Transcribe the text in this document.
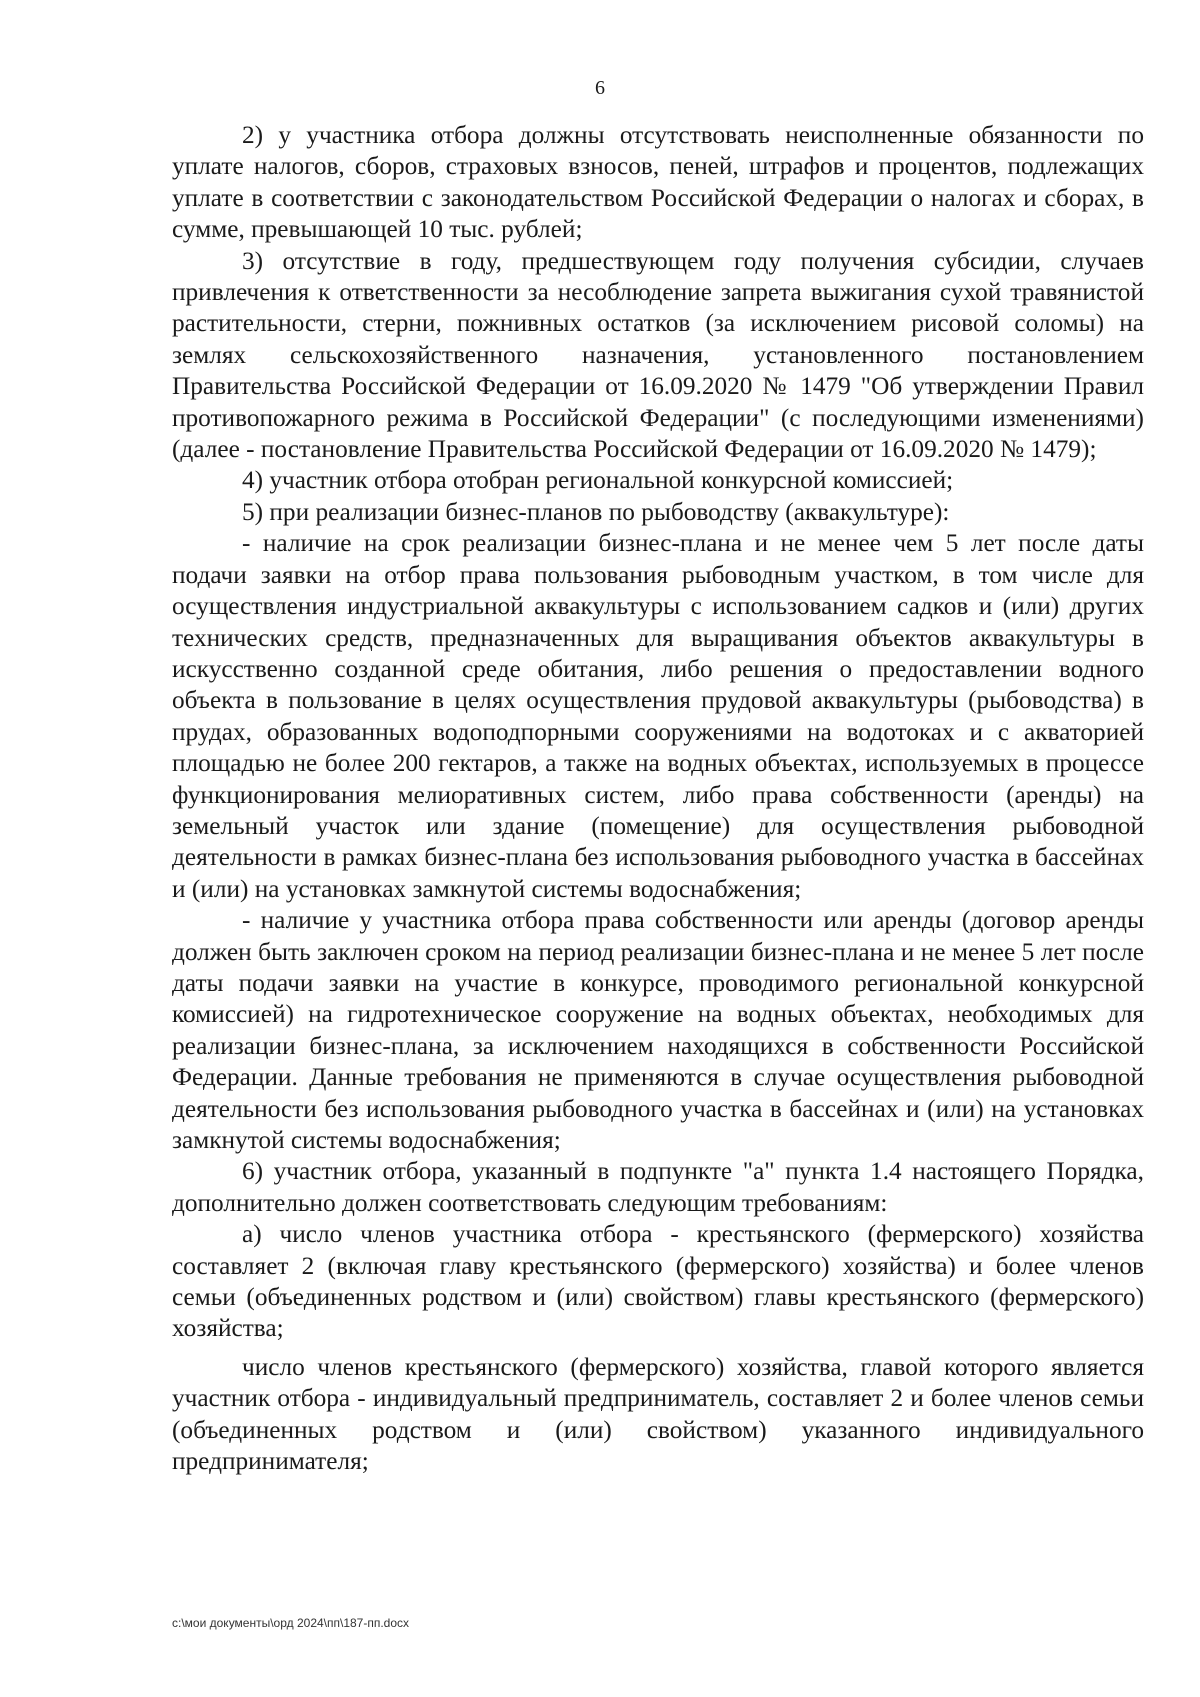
6

2) у участника отбора должны отсутствовать неисполненные обязанности по уплате налогов, сборов, страховых взносов, пеней, штрафов и процентов, подлежащих уплате в соответствии с законодательством Российской Федерации о налогах и сборах, в сумме, превышающей 10 тыс. рублей;

3) отсутствие в году, предшествующем году получения субсидии, случаев привлечения к ответственности за несоблюдение запрета выжигания сухой травянистой растительности, стерни, пожнивных остатков (за исключением рисовой соломы) на землях сельскохозяйственного назначения, установленного постановлением Правительства Российской Федерации от 16.09.2020 № 1479 "Об утверждении Правил противопожарного режима в Российской Федерации" (с последующими изменениями) (далее - постановление Правительства Российской Федерации от 16.09.2020 № 1479);

4) участник отбора отобран региональной конкурсной комиссией;

5) при реализации бизнес-планов по рыбоводству (аквакультуре):

- наличие на срок реализации бизнес-плана и не менее чем 5 лет после даты подачи заявки на отбор права пользования рыбоводным участком, в том числе для осуществления индустриальной аквакультуры с использованием садков и (или) других технических средств, предназначенных для выращивания объектов аквакультуры в искусственно созданной среде обитания, либо решения о предоставлении водного объекта в пользование в целях осуществления прудовой аквакультуры (рыбоводства) в прудах, образованных водоподпорными сооружениями на водотоках и с акваторией площадью не более 200 гектаров, а также на водных объектах, используемых в процессе функционирования мелиоративных систем, либо права собственности (аренды) на земельный участок или здание (помещение) для осуществления рыбоводной деятельности в рамках бизнес-плана без использования рыбоводного участка в бассейнах и (или) на установках замкнутой системы водоснабжения;

- наличие у участника отбора права собственности или аренды (договор аренды должен быть заключен сроком на период реализации бизнес-плана и не менее 5 лет после даты подачи заявки на участие в конкурсе, проводимого региональной конкурсной комиссией) на гидротехническое сооружение на водных объектах, необходимых для реализации бизнес-плана, за исключением находящихся в собственности Российской Федерации. Данные требования не применяются в случае осуществления рыбоводной деятельности без использования рыбоводного участка в бассейнах и (или) на установках замкнутой системы водоснабжения;

6) участник отбора, указанный в подпункте "а" пункта 1.4 настоящего Порядка, дополнительно должен соответствовать следующим требованиям:

а) число членов участника отбора - крестьянского (фермерского) хозяйства составляет 2 (включая главу крестьянского (фермерского) хозяйства) и более членов семьи (объединенных родством и (или) свойством) главы крестьянского (фермерского) хозяйства;

число членов крестьянского (фермерского) хозяйства, главой которого является участник отбора - индивидуальный предприниматель, составляет 2 и более членов семьи (объединенных родством и (или) свойством) указанного индивидуального предпринимателя;

c:\мои документы\орд 2024\пп\187-пп.docx
